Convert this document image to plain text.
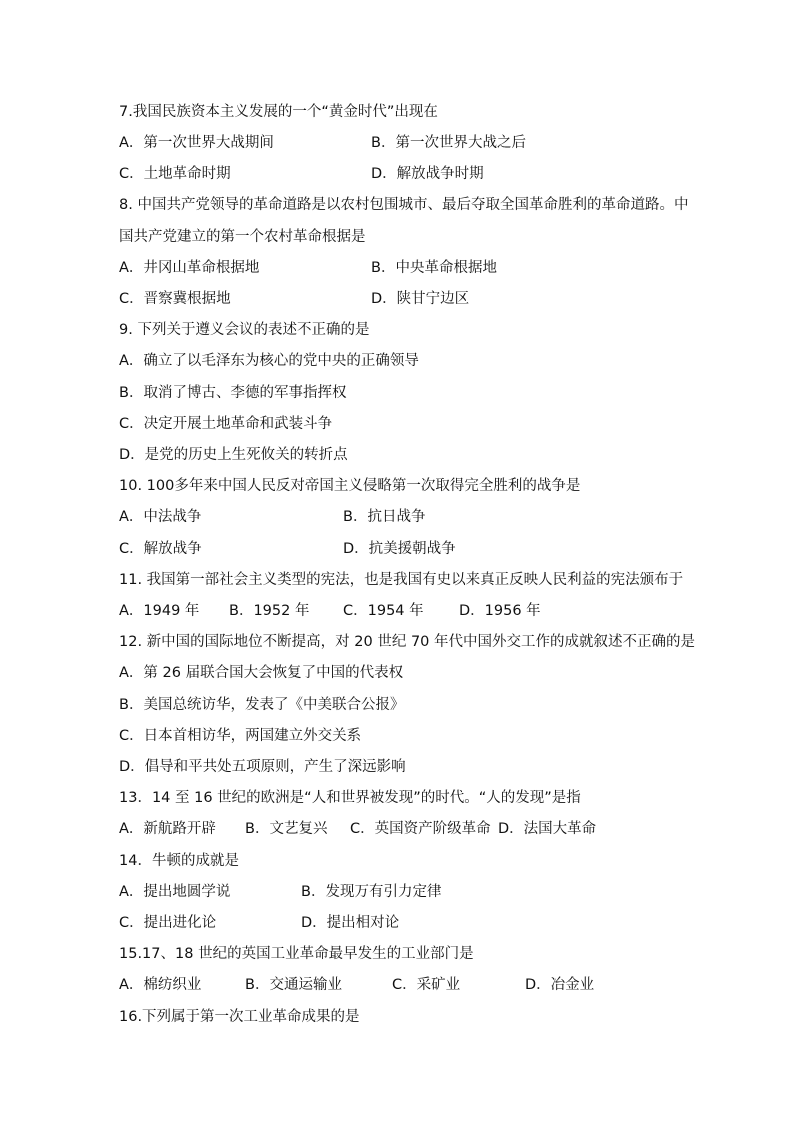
7.我国民族资本主义发展的一个“黄金时代”出现在
A．第一次世界大战期间	B．第一次世界大战之后
C．土地革命时期	D．解放战争时期
8. 中国共产党领导的革命道路是以农村包围城市、最后夺取全国革命胜利的革命道路。中
国共产党建立的第一个农村革命根据是
A．井冈山革命根据地	B．中央革命根据地
C．晋察冀根据地	D．陕甘宁边区
9. 下列关于遵义会议的表述不正确的是
A．确立了以毛泽东为核心的党中央的正确领导
B．取消了博古、李德的军事指挥权
C．决定开展土地革命和武装斗争
D．是党的历史上生死攸关的转折点
10. 100多年来中国人民反对帝国主义侵略第一次取得完全胜利的战争是
A．中法战争	B．抗日战争
C．解放战争	D．抗美援朝战争
11. 我国第一部社会主义类型的宪法，也是我国有史以来真正反映人民利益的宪法颁布于
A．1949 年 B．1952 年 C．1954 年 D．1956 年
12. 新中国的国际地位不断提高，对 20 世纪 70 年代中国外交工作的成就叙述不正确的是
A．第 26 届联合国大会恢复了中国的代表权
B．美国总统访华，发表了《中美联合公报》
C．日本首相访华，两国建立外交关系
D．倡导和平共处五项原则，产生了深远影响
13．14 至 16 世纪的欧洲是“人和世界被发现”的时代。“人的发现”是指
A．新航路开辟 B．文艺复兴 C．英国资产阶级革命 D．法国大革命
14．牛顿的成就是
A．提出地圆学说	B．发现万有引力定律
C．提出进化论	D．提出相对论
15.17、18 世纪的英国工业革命最早发生的工业部门是
A．棉纺织业	B．交通运输业	C．采矿业	D．冶金业
16.下列属于第一次工业革命成果的是
